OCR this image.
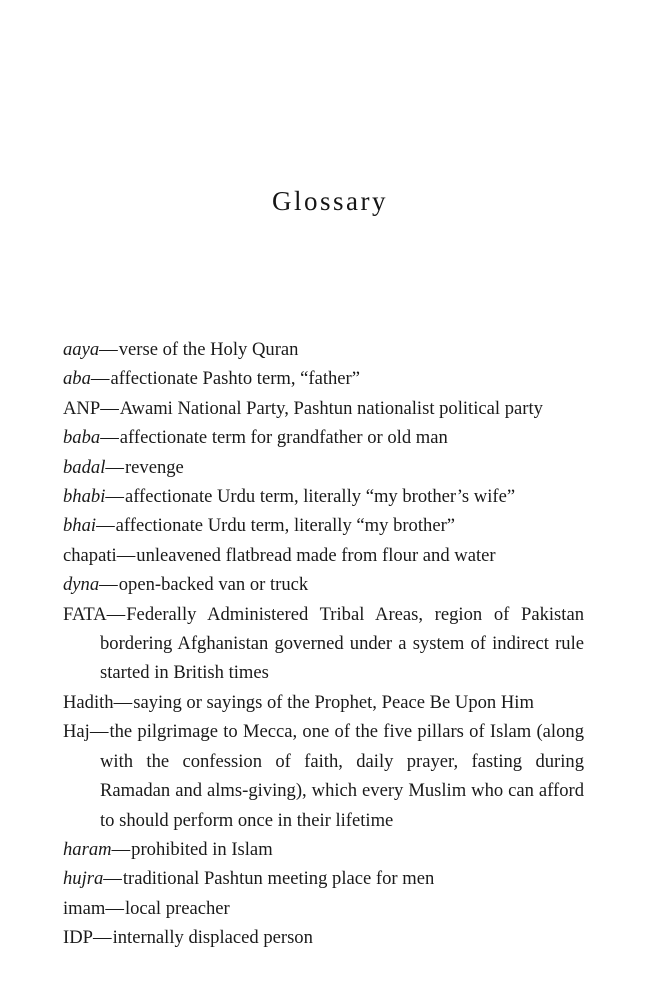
Glossary
aaya—verse of the Holy Quran
aba—affectionate Pashto term, “father”
ANP—Awami National Party, Pashtun nationalist political party
baba—affectionate term for grandfather or old man
badal—revenge
bhabi—affectionate Urdu term, literally “my brother’s wife”
bhai—affectionate Urdu term, literally “my brother”
chapati—unleavened flatbread made from flour and water
dyna—open-backed van or truck
FATA—Federally Administered Tribal Areas, region of Pakistan bordering Afghanistan governed under a system of indirect rule started in British times
Hadith—saying or sayings of the Prophet, Peace Be Upon Him
Haj—the pilgrimage to Mecca, one of the five pillars of Islam (along with the confession of faith, daily prayer, fasting during Ramadan and alms-giving), which every Muslim who can afford to should perform once in their lifetime
haram—prohibited in Islam
hujra—traditional Pashtun meeting place for men
imam—local preacher
IDP—internally displaced person
